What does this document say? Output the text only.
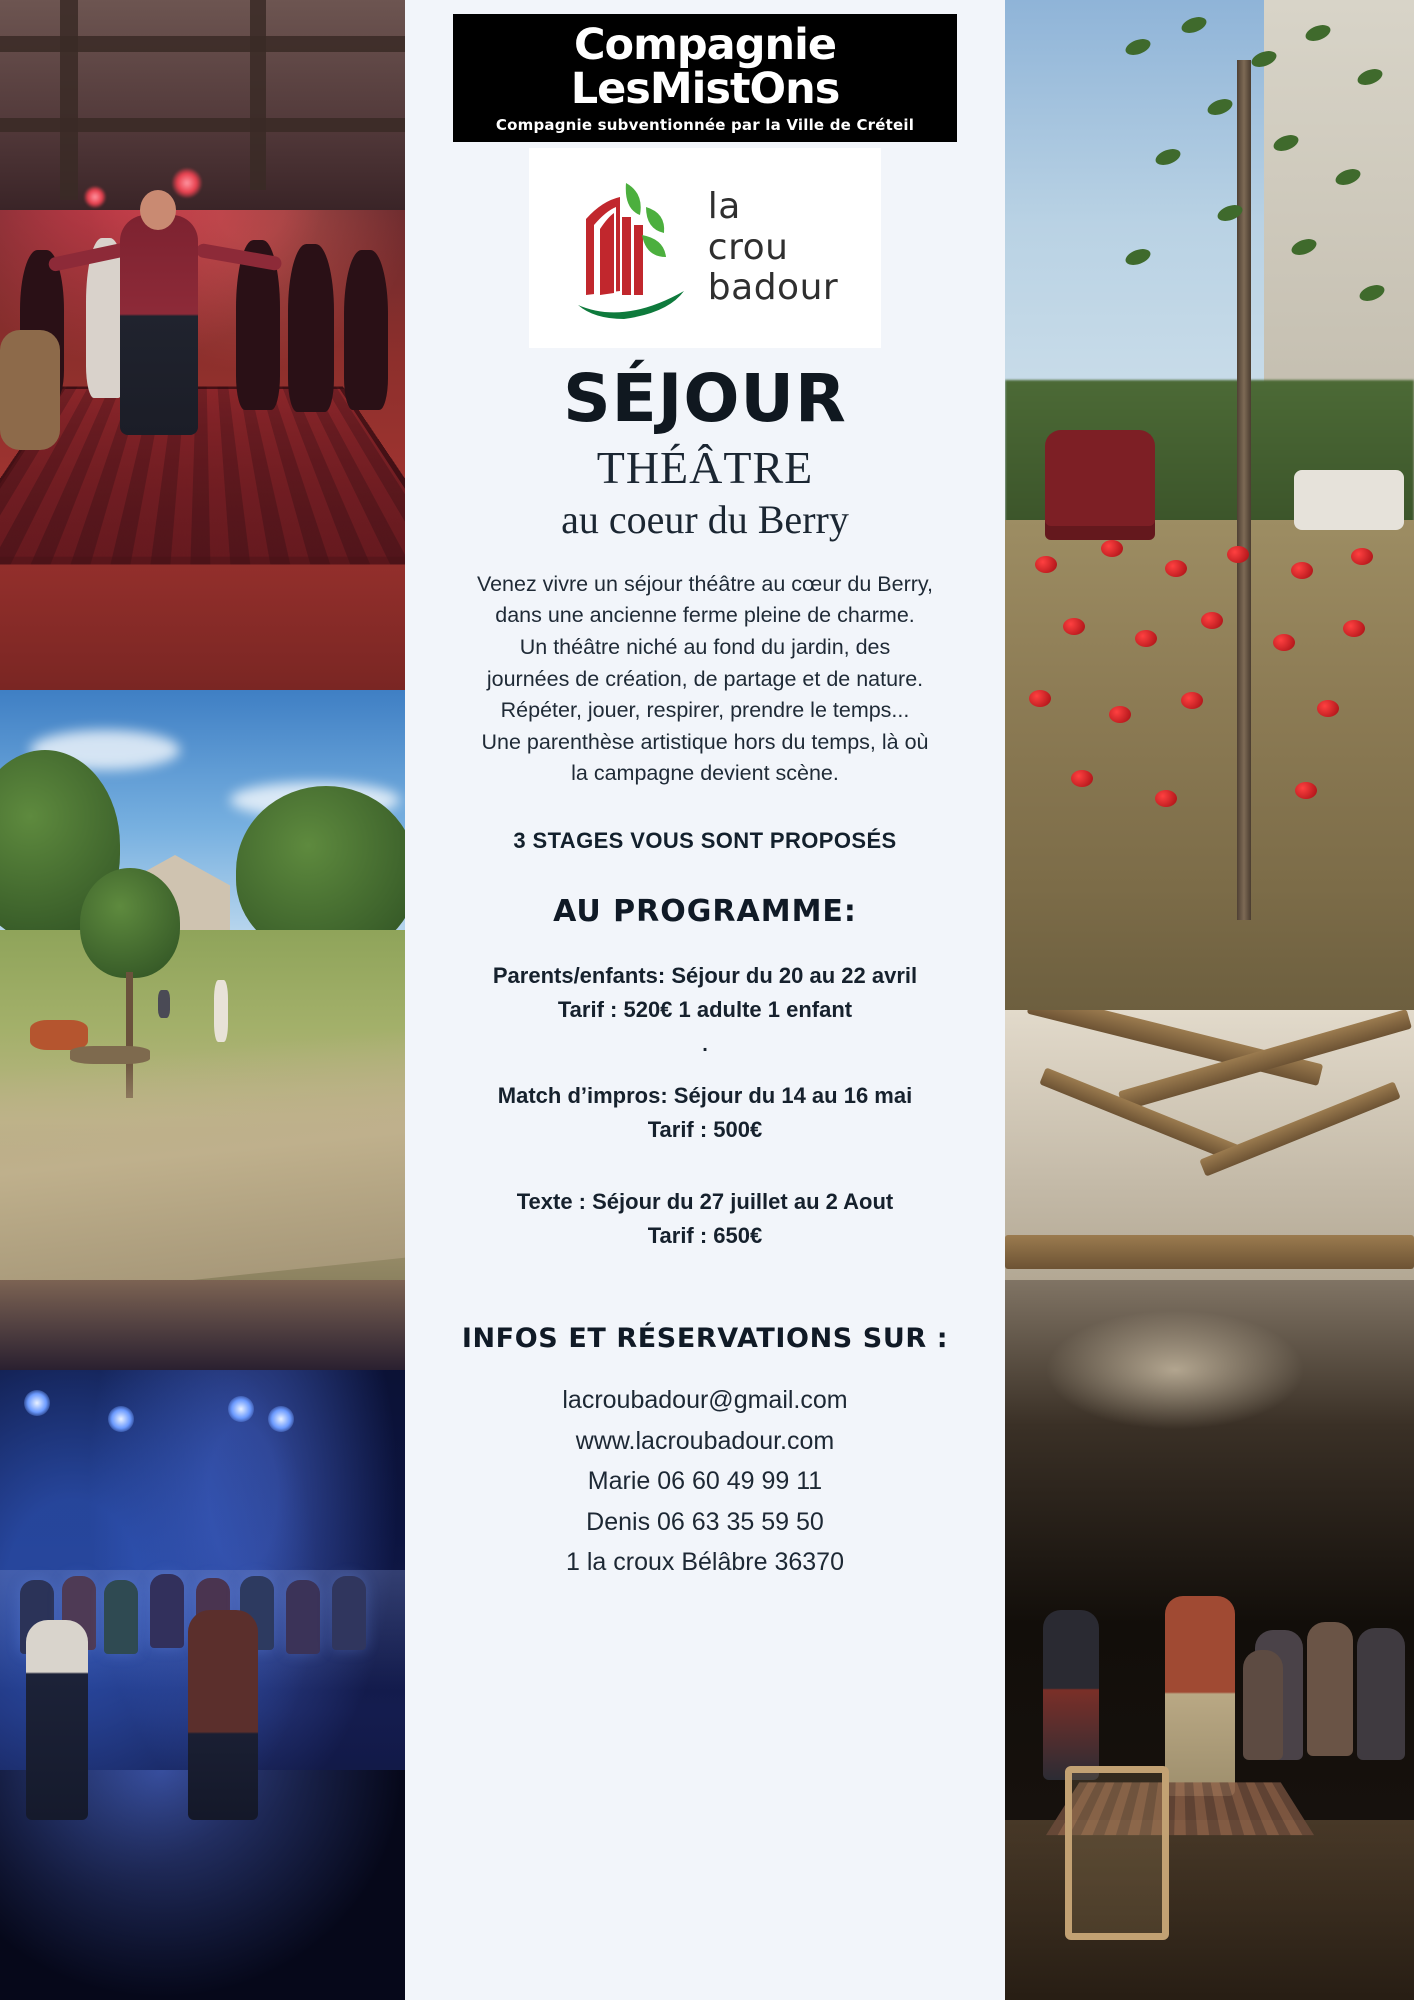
Compagnie
LesMistOns
Compagnie subventionnée par la Ville de Créteil
la
crou
badour
SÉJOUR
THÉÂTRE
au coeur du Berry
Venez vivre un séjour théâtre au cœur du Berry,
dans une ancienne ferme pleine de charme.
Un théâtre niché au fond du jardin, des
journées de création, de partage et de nature.
Répéter, jouer, respirer, prendre le temps...
Une parenthèse artistique hors du temps, là où
la campagne devient scène.
3 STAGES VOUS SONT PROPOSÉS
AU PROGRAMME:
Parents/enfants: Séjour du 20 au 22 avril
Tarif : 520€ 1 adulte 1 enfant
.
Match d’impros: Séjour du 14 au 16 mai
Tarif : 500€
Texte : Séjour du 27 juillet au 2 Aout
Tarif : 650€
INFOS ET RÉSERVATIONS SUR :
lacroubadour@gmail.com
www.lacroubadour.com
Marie 06 60 49 99 11
Denis 06 63 35 59 50
1 la croux Bélâbre 36370
